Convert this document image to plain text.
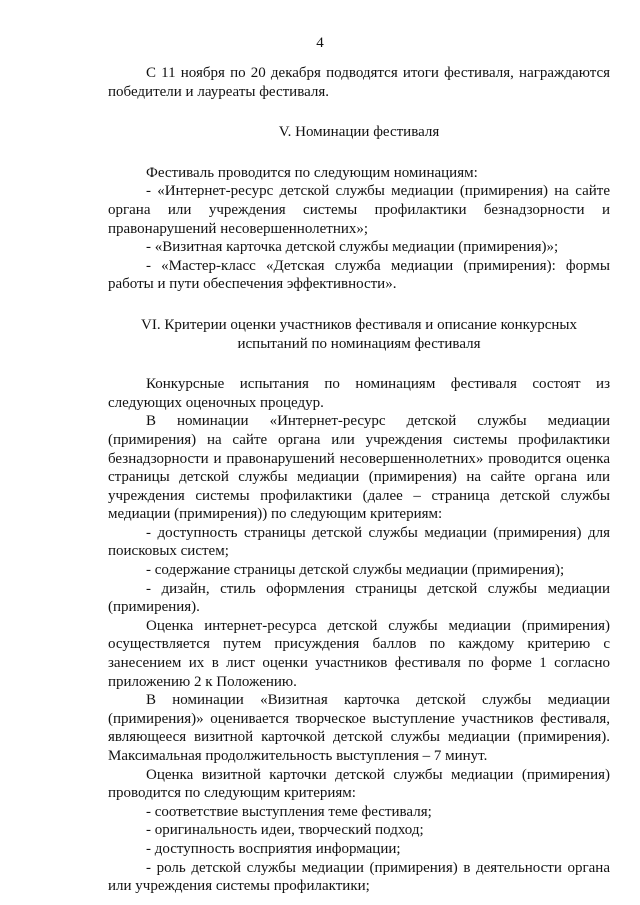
4

С 11 ноября по 20 декабря подводятся итоги фестиваля, награждаются победители и лауреаты фестиваля.

V. Номинации фестиваля

Фестиваль проводится по следующим номинациям:

- «Интернет-ресурс детской службы медиации (примирения) на сайте органа или учреждения системы профилактики безнадзорности и правонарушений несовершеннолетних»;

- «Визитная карточка детской службы медиации (примирения)»;

- «Мастер-класс «Детская служба медиации (примирения): формы работы и пути обеспечения эффективности».

VI. Критерии оценки участников фестиваля и описание конкурсных
испытаний по номинациям фестиваля

Конкурсные испытания по номинациям фестиваля состоят из следующих оценочных процедур.

В номинации «Интернет-ресурс детской службы медиации (примирения) на сайте органа или учреждения системы профилактики безнадзорности и правонарушений несовершеннолетних» проводится оценка страницы детской службы медиации (примирения) на сайте органа или учреждения системы профилактики (далее – страница детской службы медиации (примирения)) по следующим критериям:

- доступность страницы детской службы медиации (примирения) для поисковых систем;

- содержание страницы детской службы медиации (примирения);

- дизайн, стиль оформления страницы детской службы медиации (примирения).

Оценка интернет-ресурса детской службы медиации (примирения) осуществляется путем присуждения баллов по каждому критерию с занесением их в лист оценки участников фестиваля по форме 1 согласно приложению 2 к Положению.

В номинации «Визитная карточка детской службы медиации (примирения)» оценивается творческое выступление участников фестиваля, являющееся визитной карточкой детской службы медиации (примирения). Максимальная продолжительность выступления – 7 минут.

Оценка визитной карточки детской службы медиации (примирения) проводится по следующим критериям:

- соответствие выступления теме фестиваля;

- оригинальность идеи, творческий подход;

- доступность восприятия информации;

- роль детской службы медиации (примирения) в деятельности органа или учреждения системы профилактики;
